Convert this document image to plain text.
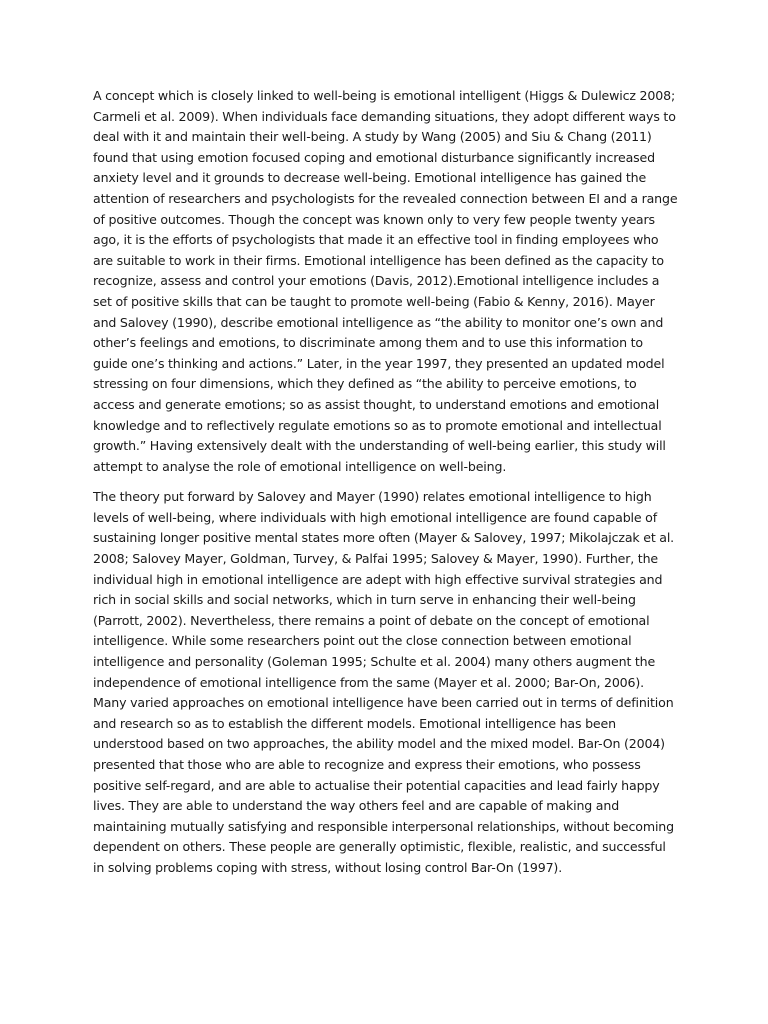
A concept which is closely linked to well-being is emotional intelligent (Higgs & Dulewicz 2008; Carmeli et al. 2009). When individuals face demanding situations, they adopt different ways to deal with it and maintain their well-being. A study by Wang (2005) and Siu & Chang (2011) found that using emotion focused coping and emotional disturbance significantly increased anxiety level and it grounds to decrease well-being. Emotional intelligence has gained the attention of researchers and psychologists for the revealed connection between EI and a range of positive outcomes. Though the concept was known only to very few people twenty years ago, it is the efforts of psychologists that made it an effective tool in finding employees who are suitable to work in their firms. Emotional intelligence has been defined as the capacity to recognize, assess and control your emotions (Davis, 2012).Emotional intelligence includes a set of positive skills that can be taught to promote well-being (Fabio & Kenny, 2016). Mayer and Salovey (1990), describe emotional intelligence as “the ability to monitor one’s own and other’s feelings and emotions, to discriminate among them and to use this information to guide one’s thinking and actions.” Later, in the year 1997, they presented an updated model stressing on four dimensions, which they defined as “the ability to perceive emotions, to access and generate emotions; so as assist thought, to understand emotions and emotional knowledge and to reflectively regulate emotions so as to promote emotional and intellectual growth.” Having extensively dealt with the understanding of well-being earlier, this study will attempt to analyse the role of emotional intelligence on well-being.

The theory put forward by Salovey and Mayer (1990) relates emotional intelligence to high levels of well-being, where individuals with high emotional intelligence are found capable of sustaining longer positive mental states more often (Mayer & Salovey, 1997; Mikolajczak et al. 2008; Salovey Mayer, Goldman, Turvey, & Palfai 1995; Salovey & Mayer, 1990). Further, the individual high in emotional intelligence are adept with high effective survival strategies and rich in social skills and social networks, which in turn serve in enhancing their well-being (Parrott, 2002). Nevertheless, there remains a point of debate on the concept of emotional intelligence. While some researchers point out the close connection between emotional intelligence and personality (Goleman 1995; Schulte et al. 2004) many others augment the independence of emotional intelligence from the same (Mayer et al. 2000; Bar-On, 2006). Many varied approaches on emotional intelligence have been carried out in terms of definition and research so as to establish the different models. Emotional intelligence has been understood based on two approaches, the ability model and the mixed model. Bar-On (2004) presented that those who are able to recognize and express their emotions, who possess positive self-regard, and are able to actualise their potential capacities and lead fairly happy lives. They are able to understand the way others feel and are capable of making and maintaining mutually satisfying and responsible interpersonal relationships, without becoming dependent on others. These people are generally optimistic, flexible, realistic, and successful in solving problems coping with stress, without losing control Bar-On (1997).
